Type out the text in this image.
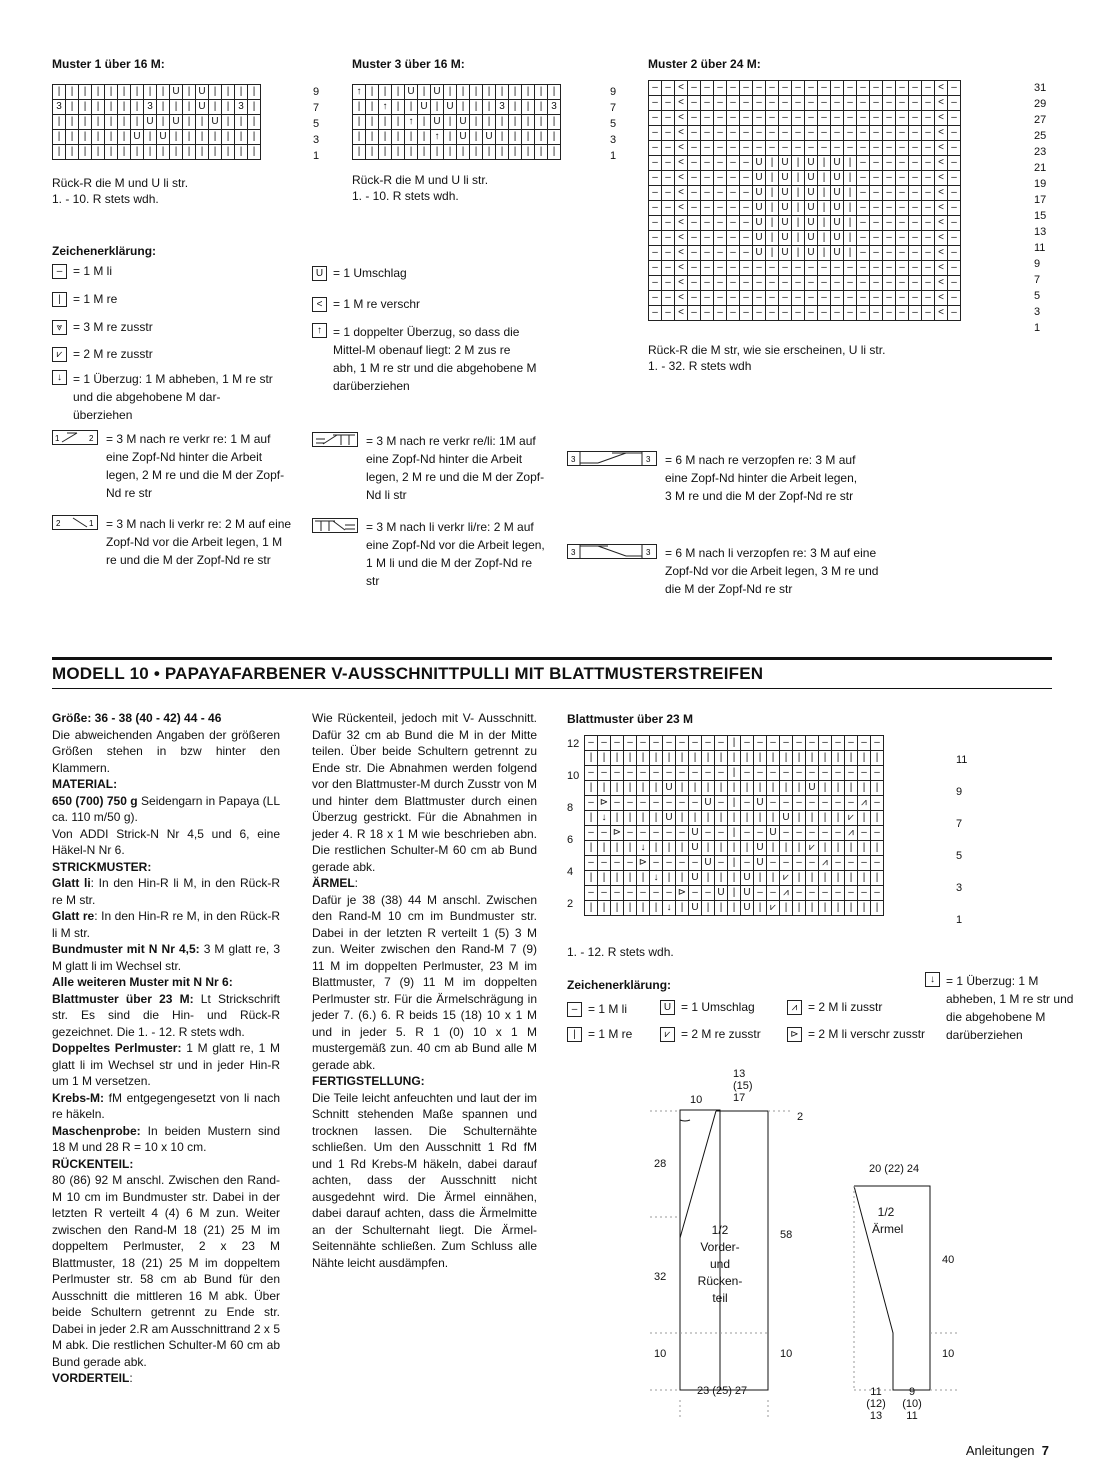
Muster 1 über 16 M:
|	|	|	|	|	|	|	|	|	U	|	U	|	|	|	|
3	|	|	|	|	|	|	3	|	|	|	U	|	|	3	|
|	|	|	|	|	|	|	U	|	U	|	|	U	|	|	|
|	|	|	|	|	|	U	|	U	|	|	|	|	|	|	|
|	|	|	|	|	|	|	|	|	|	|	|	|	|	|	|
9
7
5
3
1
Rück-R die M und U li str.
1. - 10. R stets wdh.
Muster 3 über 16 M:
↑	|	|	|	U	|	U	|	|	|	|	|	|	|	|	|
|	|	↑	|	|	U	|	U	|	|	|	3	|	|	|	3
|	|	|	|	↑	|	U	|	U	|	|	|	|	|	|	|
|	|	|	|	|	|	↑	|	U	|	U	|	|	|	|	|
|	|	|	|	|	|	|	|	|	|	|	|	|	|	|	|
9
7
5
3
1
Rück-R die M und U li str.
1. - 10. R stets wdh.
Muster 2 über 24 M:
–	–	<	–	–	–	–	–	–	–	–	–	–	–	–	–	–	–	–	–	–	–	<	–
–	–	<	–	–	–	–	–	–	–	–	–	–	–	–	–	–	–	–	–	–	–	<	–
–	–	<	–	–	–	–	–	–	–	–	–	–	–	–	–	–	–	–	–	–	–	<	–
–	–	<	–	–	–	–	–	–	–	–	–	–	–	–	–	–	–	–	–	–	–	<	–
–	–	<	–	–	–	–	–	–	–	–	–	–	–	–	–	–	–	–	–	–	–	<	–
–	–	<	–	–	–	–	–	U	|	U	|	U	|	U	|	–	–	–	–	–	–	<	–
–	–	<	–	–	–	–	–	U	|	U	|	U	|	U	|	–	–	–	–	–	–	<	–
–	–	<	–	–	–	–	–	U	|	U	|	U	|	U	|	–	–	–	–	–	–	<	–
–	–	<	–	–	–	–	–	U	|	U	|	U	|	U	|	–	–	–	–	–	–	<	–
–	–	<	–	–	–	–	–	U	|	U	|	U	|	U	|	–	–	–	–	–	–	<	–
–	–	<	–	–	–	–	–	U	|	U	|	U	|	U	|	–	–	–	–	–	–	<	–
–	–	<	–	–	–	–	–	U	|	U	|	U	|	U	|	–	–	–	–	–	–	<	–
–	–	<	–	–	–	–	–	–	–	–	–	–	–	–	–	–	–	–	–	–	–	<	–
–	–	<	–	–	–	–	–	–	–	–	–	–	–	–	–	–	–	–	–	–	–	<	–
–	–	<	–	–	–	–	–	–	–	–	–	–	–	–	–	–	–	–	–	–	–	<	–
–	–	<	–	–	–	–	–	–	–	–	–	–	–	–	–	–	–	–	–	–	–	<	–
31
29
27
25
23
21
19
17
15
13
11
9
7
5
3
1
Rück-R die M str, wie sie erscheinen, U li str.
1. - 32. R stets wdh
Zeichenerklärung:
– = 1 M li
| = 1 M re
⩔ = 3 M re zusstr
⩗ = 2 M re zusstr
↓ = 1 Überzug: 1 M abheben, 1 M re str und die abgehobene M dar-überziehen
1	2 = 3 M nach re verkr re: 1 M auf eine Zopf-Nd hinter die Arbeit legen, 2 M re und die M der Zopf-Nd re str
2	1 = 3 M nach li verkr re: 2 M auf eine Zopf-Nd vor die Arbeit legen, 1 M re und die M der Zopf-Nd re str
U = 1 Umschlag
< = 1 M re verschr
↑ = 1 doppelter Überzug, so dass die Mittel-M obenauf liegt: 2 M zus re abh, 1 M re str und die abgehobene M darüberziehen
= 3 M nach re verkr re/li: 1M auf eine Zopf-Nd hinter die Arbeit legen, 2 M re und die M der Zopf-Nd li str
= 3 M nach li verkr li/re: 2 M auf eine Zopf-Nd vor die Arbeit legen, 1 M li und die M der Zopf-Nd re str
3	3 = 6 M nach re verzopfen re: 3 M auf eine Zopf-Nd hinter die Arbeit legen, 3 M re und die M der Zopf-Nd re str
3	3 = 6 M nach li verzopfen re: 3 M auf eine Zopf-Nd vor die Arbeit legen, 3 M re und die M der Zopf-Nd re str
MODELL 10 • PAPAYAFARBENER V-AUSSCHNITTPULLI MIT BLATTMUSTERSTREIFEN
Größe: 36 - 38 (40 - 42) 44 - 46
Die abweichenden Angaben der größeren Größen stehen in bzw hinter den Klammern.
MATERIAL:
650 (700) 750 g Seidengarn in Papaya (LL ca. 110 m/50 g).
Von ADDI Strick-N Nr 4,5 und 6, eine Häkel-N Nr 6.
STRICKMUSTER:
Glatt li: In den Hin-R li M, in den Rück-R re M str.
Glatt re: In den Hin-R re M, in den Rück-R li M str.
Bundmuster mit N Nr 4,5: 3 M glatt re, 3 M glatt li im Wechsel str.
Alle weiteren Muster mit N Nr 6:
Blattmuster über 23 M: Lt Strickschrift str. Es sind die Hin- und Rück-R gezeichnet. Die 1. - 12. R stets wdh.
Doppeltes Perlmuster: 1 M glatt re, 1 M glatt li im Wechsel str und in jeder Hin-R um 1 M versetzen.
Krebs-M: fM entgegengesetzt von li nach re häkeln.
Maschenprobe: In beiden Mustern sind 18 M und 28 R = 10 x 10 cm.
RÜCKENTEIL:
80 (86) 92 M anschl. Zwischen den Rand-M 10 cm im Bundmuster str. Dabei in der letzten R verteilt 4 (4) 6 M zun. Weiter zwischen den Rand-M 18 (21) 25 M im doppeltem Perlmuster, 2 x 23 M Blattmuster, 18 (21) 25 M im doppeltem Perlmuster str. 58 cm ab Bund für den Ausschnitt die mittleren 16 M abk. Über beide Schultern getrennt zu Ende str. Dabei in jeder 2.R am Ausschnittrand 2 x 5 M abk. Die restlichen Schulter-M 60 cm ab Bund gerade abk.
VORDERTEIL:
Wie Rückenteil, jedoch mit V- Ausschnitt. Dafür 32 cm ab Bund die M in der Mitte teilen. Über beide Schultern getrennt zu Ende str. Die Abnahmen werden folgend vor den Blattmuster-M durch Zusstr von M und hinter dem Blattmuster durch einen Überzug gestrickt. Für die Abnahmen in jeder 4. R 18 x 1 M wie beschrieben abn. Die restlichen Schulter-M 60 cm ab Bund gerade abk.
ÄRMEL:
Dafür je 38 (38) 44 M anschl. Zwischen den Rand-M 10 cm im Bundmuster str. Dabei in der letzten R verteilt 1 (5) 3 M zun. Weiter zwischen den Rand-M 7 (9) 11 M im doppelten Perlmuster, 23 M im Blattmuster, 7 (9) 11 M im doppelten Perlmuster str. Für die Ärmelschrägung in jeder 7. (6.) 6. R beids 15 (18) 10 x 1 M und in jeder 5. R 1 (0) 10 x 1 M mustergemäß zun. 40 cm ab Bund alle M gerade abk.
FERTIGSTELLUNG:
Die Teile leicht anfeuchten und laut der im Schnitt stehenden Maße spannen und trocknen lassen. Die Schulternähte schließen. Um den Ausschnitt 1 Rd fM und 1 Rd Krebs-M häkeln, dabei darauf achten, dass der Ausschnitt nicht ausgedehnt wird. Die Ärmel einnähen, dabei darauf achten, dass die Ärmelmitte an der Schulternaht liegt. Die Ärmel- Seitennähte schließen. Zum Schluss alle Nähte leicht ausdämpfen.
Blattmuster über 23 M
–	–	–	–	–	–	–	–	–	–	–	|	–	–	–	–	–	–	–	–	–	–	–
|	|	|	|	|	|	|	|	|	|	|	|	|	|	|	|	|	|	|	|	|	|	|
–	–	–	–	–	–	–	–	–	–	–	|	–	–	–	–	–	–	–	–	–	–	–
|	|	|	|	|	|	U	|	|	|	|	|	|	|	|	|	|	U	|	|	|	|	|
–	⊳	–	–	–	–	–	–	–	U	–	|	–	U	–	–	–	–	–	–	–	⩘	–
|	↓	|	|	|	|	U	|	|	|	|	|	|	|	|	U	|	|	|	|	⩗	|	|
–	–	⊳	–	–	–	–	–	U	–	–	|	–	–	U	–	–	–	–	–	⩘	–	–
|	|	|	|	↓	|	|	|	U	|	|	|	|	U	|	|	|	⩗	|	|	|	|	|
–	–	–	–	⊳	–	–	–	–	U	–	|	–	U	–	–	–	–	⩘	–	–	–	–
|	|	|	|	|	↓	|	|	U	|	|	|	U	|	|	⩗	|	|	|	|	|	|	|
–	–	–	–	–	–	–	⊳	–	–	U	|	U	–	–	⩘	–	–	–	–	–	–	–
|	|	|	|	|	|	↓	|	U	|	|	|	U	|	⩗	|	|	|	|	|	|	|	|
12
10
8
6
4
2
11
9
7
5
3
1
1. - 12. R stets wdh.
Zeichenerklärung:
– = 1 M li
| = 1 M re
U = 1 Umschlag
⩗ = 2 M re zusstr
⩘ = 2 M li zusstr
⊳ = 2 M li verschr zusstr
↓ = 1 Überzug: 1 M abheben, 1 M re str und die abgehobene M darüberziehen
13
(15)
17
10
2
28
32
10
58
10
1/2 Vorder- und Rücken- teil
23 (25) 27
20 (22) 24
1/2 Ärmel
40
10
11
(12)
13
9
(10)
11
Anleitungen 7
